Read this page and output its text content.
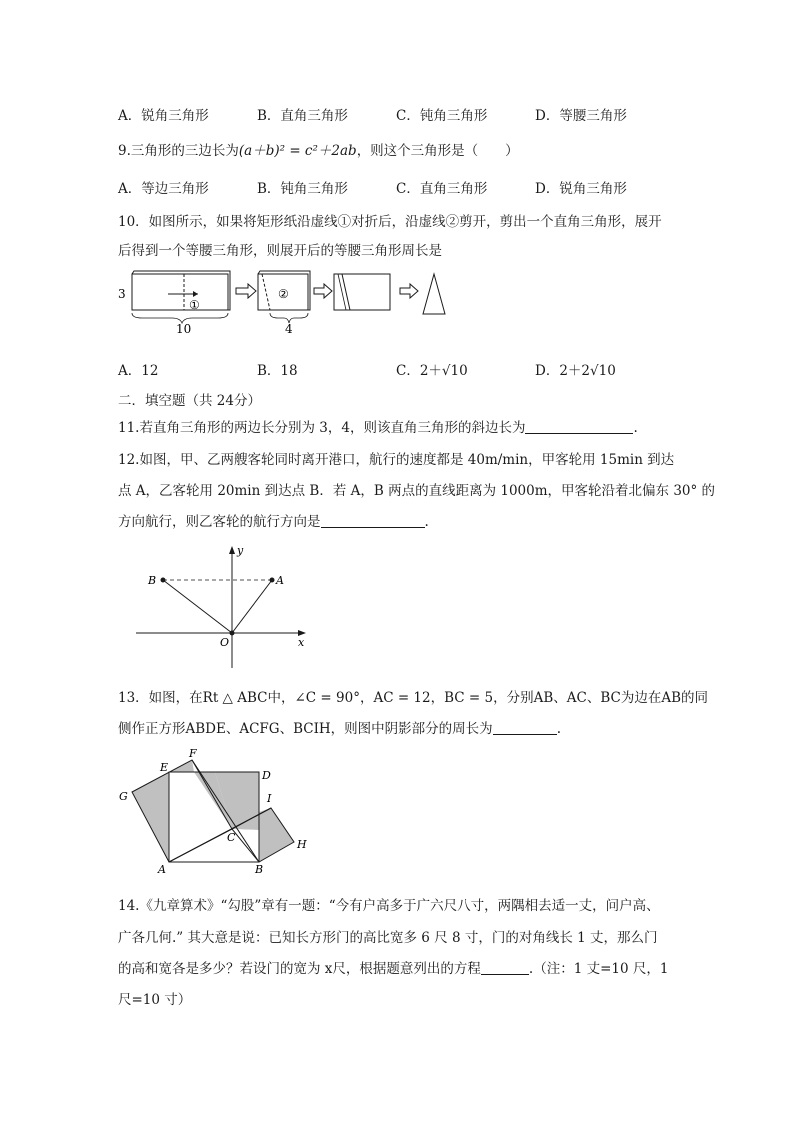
A．锐角三角形	B．直角三角形	C．钝角三角形	D．等腰三角形
9.三角形的三边长为(a＋b)² = c²＋2ab，则这个三角形是（　　）
A．等边三角形	B．钝角三角形	C．直角三角形	D．锐角三角形
10．如图所示，如果将矩形纸沿虚线①对折后，沿虚线②剪开，剪出一个直角三角形，展开
后得到一个等腰三角形，则展开后的等腰三角形周长是
3
①
10
②
4
A．12	B．18	C．2＋√10	D．2＋2√10
二．填空题（共 24分）
11.若直角三角形的两边长分别为 3，4，则该直角三角形的斜边长为	.
12.如图，甲、乙两艘客轮同时离开港口，航行的速度都是 40m/min，甲客轮用 15min 到达
点 A，乙客轮用 20min 到达点 B．若 A，B 两点的直线距离为 1000m，甲客轮沿着北偏东 30° 的
方向航行，则乙客轮的航行方向是	.
B	A
O	x
y
13．如图，在Rt △ ABC中，∠C = 90°，AC = 12，BC = 5，分别AB、AC、BC为边在AB的同
侧作正方形ABDE、ACFG、BCIH，则图中阴影部分的周长为	.
E
F
D
G	I
C
H
A	B
14.《九章算术》“勾股”章有一题：“今有户高多于广六尺八寸，两隅相去适一丈，问户高、
广各几何.” 其大意是说：已知长方形门的高比宽多 6 尺 8 寸，门的对角线长 1 丈，那么门
的高和宽各是多少？若设门的宽为 x尺，根据题意列出的方程	.（注：1 丈=10 尺，1
尺=10 寸）
